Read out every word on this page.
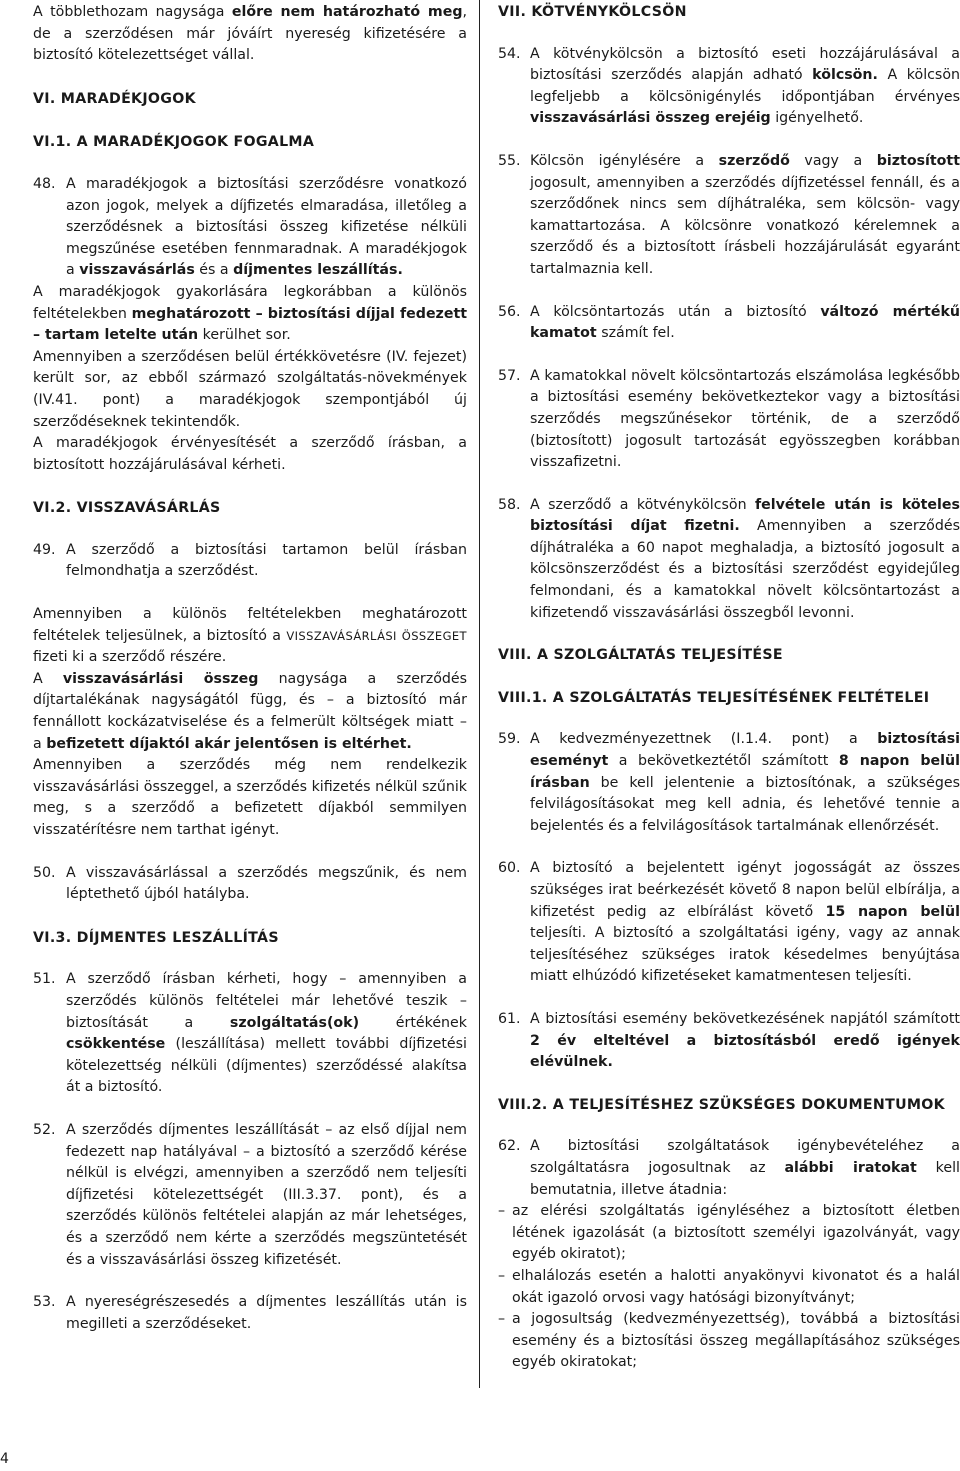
A többlethozam nagysága előre nem határozható meg, de a szerződésen már jóváírt nyereség kifizetésére a biztosító kötelezettséget vállal.

VI. MARADÉKJOGOK
VI.1. A MARADÉKJOGOK FOGALMA
48. A maradékjogok a biztosítási szerződésre vonatkozó azon jogok, melyek a díjfizetés elmaradása, illetőleg a szerződésnek a biztosítási összeg kifizetése nélküli megszűnése esetében fennmaradnak. A maradékjogok a visszavásárlás és a díjmentes leszállítás.

A maradékjogok gyakorlására legkorábban a különös feltételekben meghatározott – biztosítási díjjal fedezett – tartam letelte után kerülhet sor.

Amennyiben a szerződésen belül értékkövetésre (IV. fejezet) került sor, az ebből származó szolgáltatás-növekmények (IV.41. pont) a maradékjogok szempontjából új szerződéseknek tekintendők.

A maradékjogok érvényesítését a szerződő írásban, a biztosított hozzájárulásával kérheti.

VI.2. VISSZAVÁSÁRLÁS
49. A szerződő a biztosítási tartamon belül írásban felmondhatja a szerződést.

Amennyiben a különös feltételekben meghatározott feltételek teljesülnek, a biztosító a VISSZAVÁSÁRLÁSI ÖSSZEGET fizeti ki a szerződő részére.

A visszavásárlási összeg nagysága a szerződés díjtartalékának nagyságától függ, és – a biztosító már fennállott kockázatviselése és a felmerült költségek miatt – a befizetett díjaktól akár jelentősen is eltérhet.

Amennyiben a szerződés még nem rendelkezik visszavásárlási összeggel, a szerződés kifizetés nélkül szűnik meg, s a szerződő a befizetett díjakból semmilyen visszatérítésre nem tarthat igényt.

50. A visszavásárlással a szerződés megszűnik, és nem léptethető újból hatályba.

VI.3. DÍJMENTES LESZÁLLÍTÁS
51. A szerződő írásban kérheti, hogy – amennyiben a szerződés különös feltételei már lehetővé teszik – biztosítását a szolgáltatás(ok) értékének csökkentése (leszállítása) mellett további díjfizetési kötelezettség nélküli (díjmentes) szerződéssé alakítsa át a biztosító.

52. A szerződés díjmentes leszállítását – az első díjjal nem fedezett nap hatályával – a biztosító a szerződő kérése nélkül is elvégzi, amennyiben a szerződő nem teljesíti díjfizetési kötelezettségét (III.3.37. pont), és a szerződés különös feltételei alapján az már lehetséges, és a szerződő nem kérte a szerződés megszüntetését és a visszavásárlási összeg kifizetését.

53. A nyereségrészesedés a díjmentes leszállítás után is megilleti a szerződéseket.

VII. KÖTVÉNYKÖLCSÖN
54. A kötvénykölcsön a biztosító eseti hozzájárulásával a biztosítási szerződés alapján adható kölcsön. A kölcsön legfeljebb a kölcsönigénylés időpontjában érvényes visszavásárlási összeg erejéig igényelhető.

55. Kölcsön igénylésére a szerződő vagy a biztosított jogosult, amennyiben a szerződés díjfizetéssel fennáll, és a szerződőnek nincs sem díjhátraléka, sem kölcsön- vagy kamattartozása. A kölcsönre vonatkozó kérelemnek a szerződő és a biztosított írásbeli hozzájárulását egyaránt tartalmaznia kell.

56. A kölcsöntartozás után a biztosító változó mértékű kamatot számít fel.

57. A kamatokkal növelt kölcsöntartozás elszámolása legkésőbb a biztosítási esemény bekövetkeztekor vagy a biztosítási szerződés megszűnésekor történik, de a szerződő (biztosított) jogosult tartozását egyösszegben korábban visszafizetni.

58. A szerződő a kötvénykölcsön felvétele után is köteles biztosítási díjat fizetni. Amennyiben a szerződés díjhátraléka a 60 napot meghaladja, a biztosító jogosult a kölcsönszerződést és a biztosítási szerződést egyidejűleg felmondani, és a kamatokkal növelt kölcsöntartozást a kifizetendő visszavásárlási összegből levonni.

VIII. A SZOLGÁLTATÁS TELJESÍTÉSE
VIII.1. A SZOLGÁLTATÁS TELJESÍTÉSÉNEK FELTÉTELEI
59. A kedvezményezettnek (I.1.4. pont) a biztosítási eseményt a bekövetkeztétől számított 8 napon belül írásban be kell jelentenie a biztosítónak, a szükséges felvilágosításokat meg kell adnia, és lehetővé tennie a bejelentés és a felvilágosítások tartalmának ellenőrzését.

60. A biztosító a bejelentett igényt jogosságát az összes szükséges irat beérkezését követő 8 napon belül elbírálja, a kifizetést pedig az elbírálást követő 15 napon belül teljesíti. A biztosító a szolgáltatási igény, vagy az annak teljesítéséhez szükséges iratok késedelmes benyújtása miatt elhúzódó kifizetéseket kamatmentesen teljesíti.

61. A biztosítási esemény bekövetkezésének napjától számított 2 év elteltével a biztosításból eredő igények elévülnek.

VIII.2. A TELJESÍTÉSHEZ SZÜKSÉGES DOKUMENTUMOK
62. A biztosítási szolgáltatások igénybevételéhez a szolgáltatásra jogosultnak az alábbi iratokat kell bemutatnia, illetve átadnia:

– az elérési szolgáltatás igényléséhez a biztosított életben létének igazolását (a biztosított személyi igazolványát, vagy egyéb okiratot);
– elhalálozás esetén a halotti anyakönyvi kivonatot és a halál okát igazoló orvosi vagy hatósági bizonyítványt;
– a jogosultság (kedvezményezettség), továbbá a biztosítási esemény és a biztosítási összeg megállapításához szükséges egyéb okiratokat;
4
